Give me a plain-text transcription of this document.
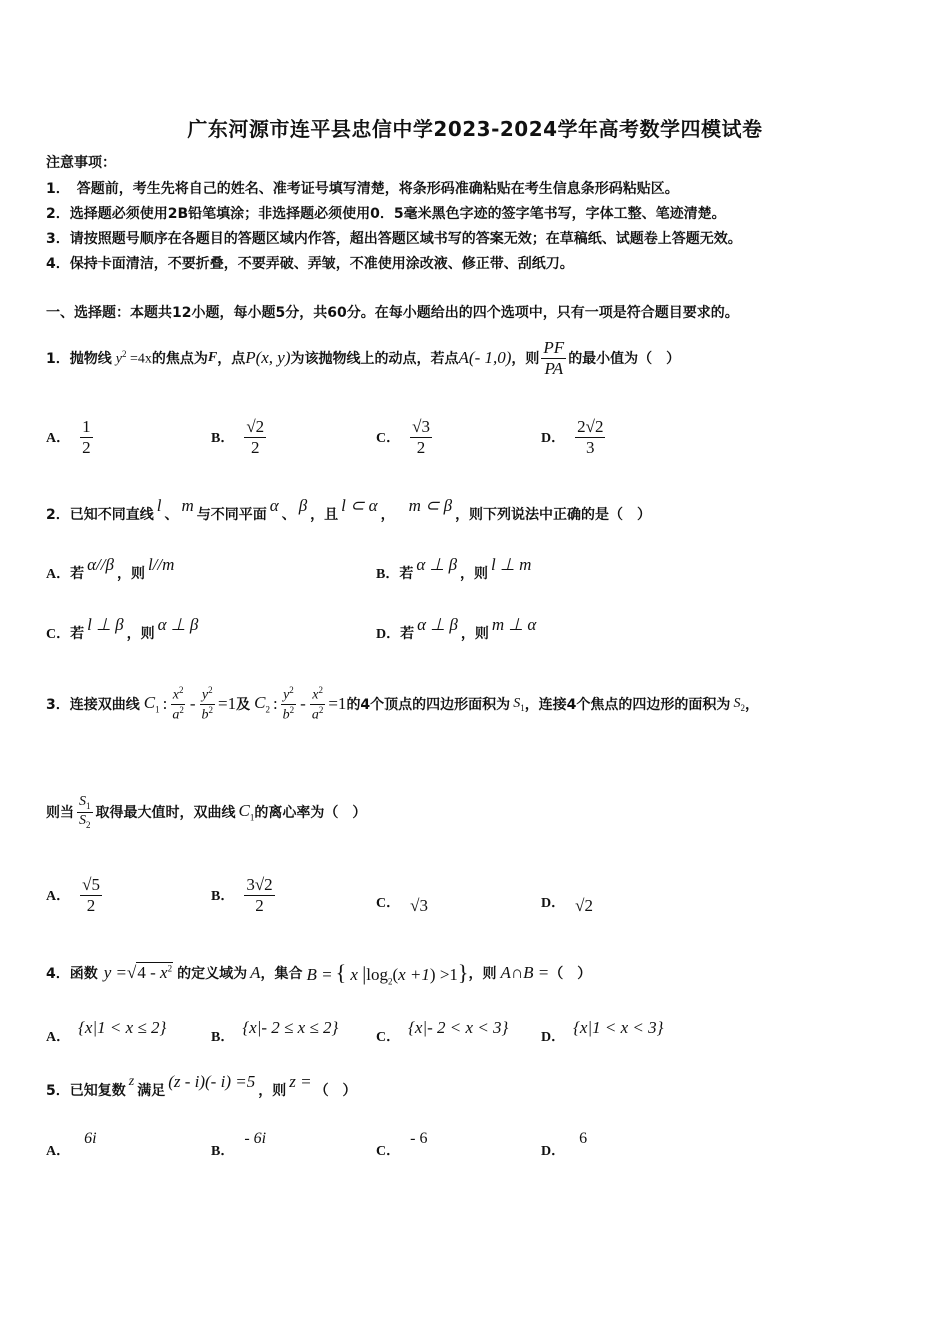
广东河源市连平县忠信中学2023-2024学年高考数学四模试卷
注意事项：
1．　答题前，考生先将自己的姓名、准考证号填写清楚，将条形码准确粘贴在考生信息条形码粘贴区。
2．选择题必须使用2B铅笔填涂；非选择题必须使用0．5毫米黑色字迹的签字笔书写，字体工整、笔迹清楚。
3．请按照题号顺序在各题目的答题区域内作答，超出答题区域书写的答案无效；在草稿纸、试题卷上答题无效。
4．保持卡面清洁，不要折叠，不要弄破、弄皱，不准使用涂改液、修正带、刮纸刀。
一、选择题：本题共12小题，每小题5分，共60分。在每小题给出的四个选项中，只有一项是符合题目要求的。
1．抛物线 $y^2 =4x$ 的焦点为 F ，点 P(x, y) 为该抛物线上的动点，若点 A(- 1,0) ，则 $\frac{PF}{PA}$ 的最小值为（　）
A． $\frac{1}{2}$	B． $\frac{√2}{2}$	C． $\frac{√3}{2}$	D． $\frac{2√2}{3}$
2．已知不同直线 l 、 m 与不同平面 α 、 β ，且 l ⊂ α ， m ⊂ β ，则下列说法中正确的是（　）
A． 若 α//β ，则 l//m
B． 若 α ⊥ β ，则 l ⊥ m
C． 若 l ⊥ β ，则 α ⊥ β
D． 若 α ⊥ β ，则 m ⊥ α
3．连接双曲线 $C_1$ : $\frac{x^2}{a^2} - \frac{y^2}{b^2} =1$ 及 $C_2$ : $\frac{y^2}{b^2} - \frac{x^2}{a^2} =1$ 的4个顶点的四边形面积为 $S_1$ ，连接4个焦点的四边形的面积为 $S_2$ ，
则当 $\frac{S_1}{S_2}$ 取得最大值时，双曲线 $C_1$ 的离心率为（　）
A． $\frac{√5}{2}$	B． $\frac{3√2}{2}$	C． √3	D． √2
4．函数 $y = √4 - x^2$ 的定义域为 A ，集合 B = { x $|\log_2(x +1) >1$} ，则 A∩B = （　）
A．
{x|1 < x ≤ 2}
B．
{x|- 2 ≤ x ≤ 2}
C．
{x|- 2 < x < 3}
D．
{x|1 < x < 3}
5．已知复数
z
满足 (z - i)(- i) =5 ，则 z = （　）
A．
6i
B．
- 6i
C．
- 6
D．
6
